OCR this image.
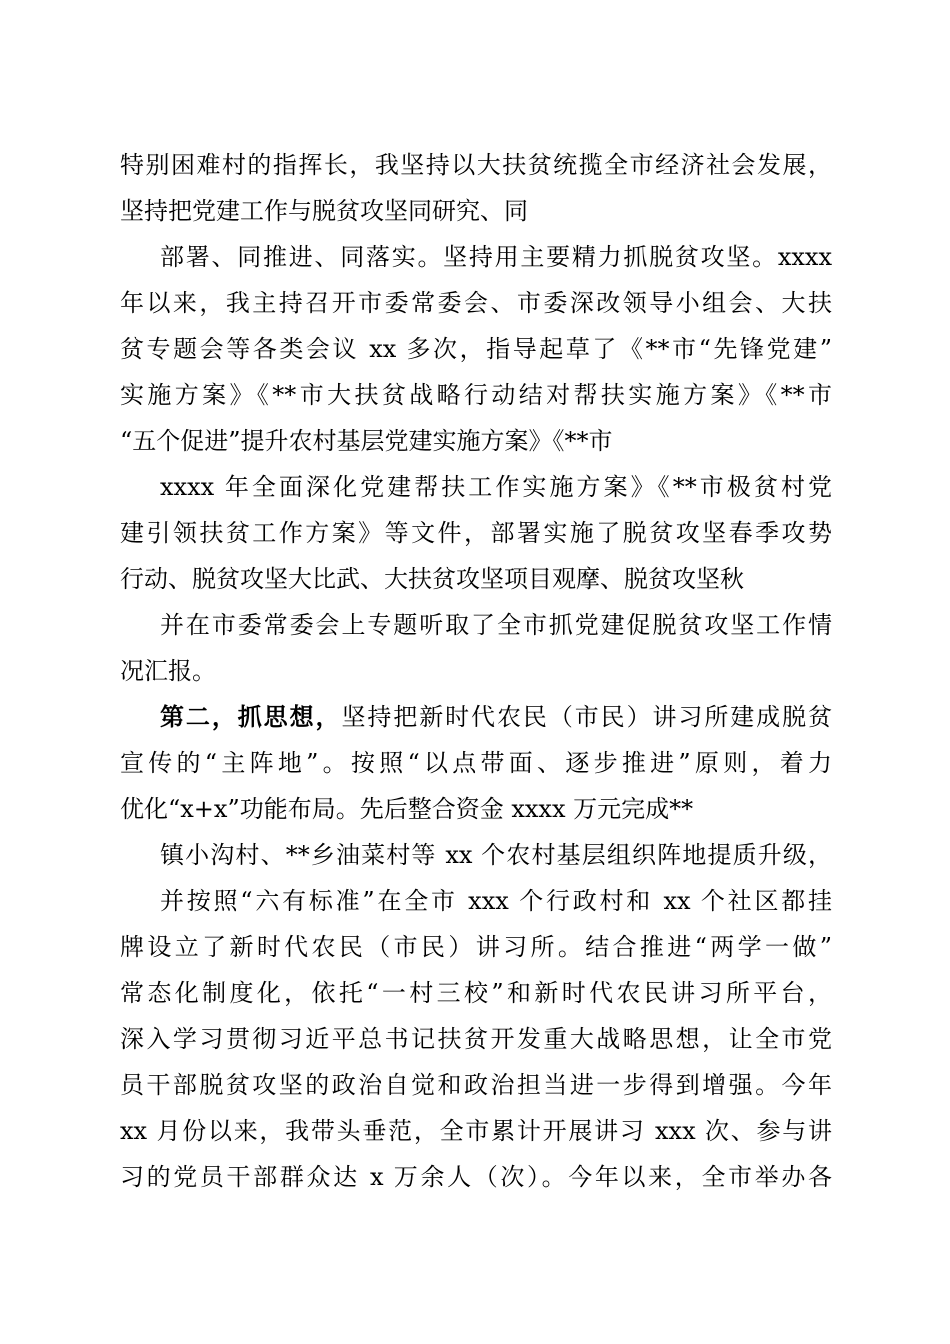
特别困难村的指挥长，我坚持以大扶贫统揽全市经济社会发展，
坚持把党建工作与脱贫攻坚同研究、同
部署、同推进、同落实。坚持用主要精力抓脱贫攻坚。xxxx
年以来，我主持召开市委常委会、市委深改领导小组会、大扶
贫专题会等各类会议 xx 多次，指导起草了《**市“先锋党建”
实施方案》《**市大扶贫战略行动结对帮扶实施方案》《**市
“五个促进”提升农村基层党建实施方案》《**市
xxxx 年全面深化党建帮扶工作实施方案》《**市极贫村党
建引领扶贫工作方案》等文件，部署实施了脱贫攻坚春季攻势
行动、脱贫攻坚大比武、大扶贫攻坚项目观摩、脱贫攻坚秋
并在市委常委会上专题听取了全市抓党建促脱贫攻坚工作情
况汇报。
第二，抓思想，坚持把新时代农民（市民）讲习所建成脱贫
宣传的“主阵地”。按照“以点带面、逐步推进”原则，着力
优化“x+x”功能布局。先后整合资金 xxxx 万元完成**
镇小沟村、**乡油菜村等 xx 个农村基层组织阵地提质升级，
并按照“六有标准”在全市 xxx 个行政村和 xx 个社区都挂
牌设立了新时代农民（市民）讲习所。结合推进“两学一做”
常态化制度化，依托“一村三校”和新时代农民讲习所平台，
深入学习贯彻习近平总书记扶贫开发重大战略思想，让全市党
员干部脱贫攻坚的政治自觉和政治担当进一步得到增强。今年
xx 月份以来，我带头垂范，全市累计开展讲习 xxx 次、参与讲
习的党员干部群众达 x 万余人（次）。今年以来，全市举办各
